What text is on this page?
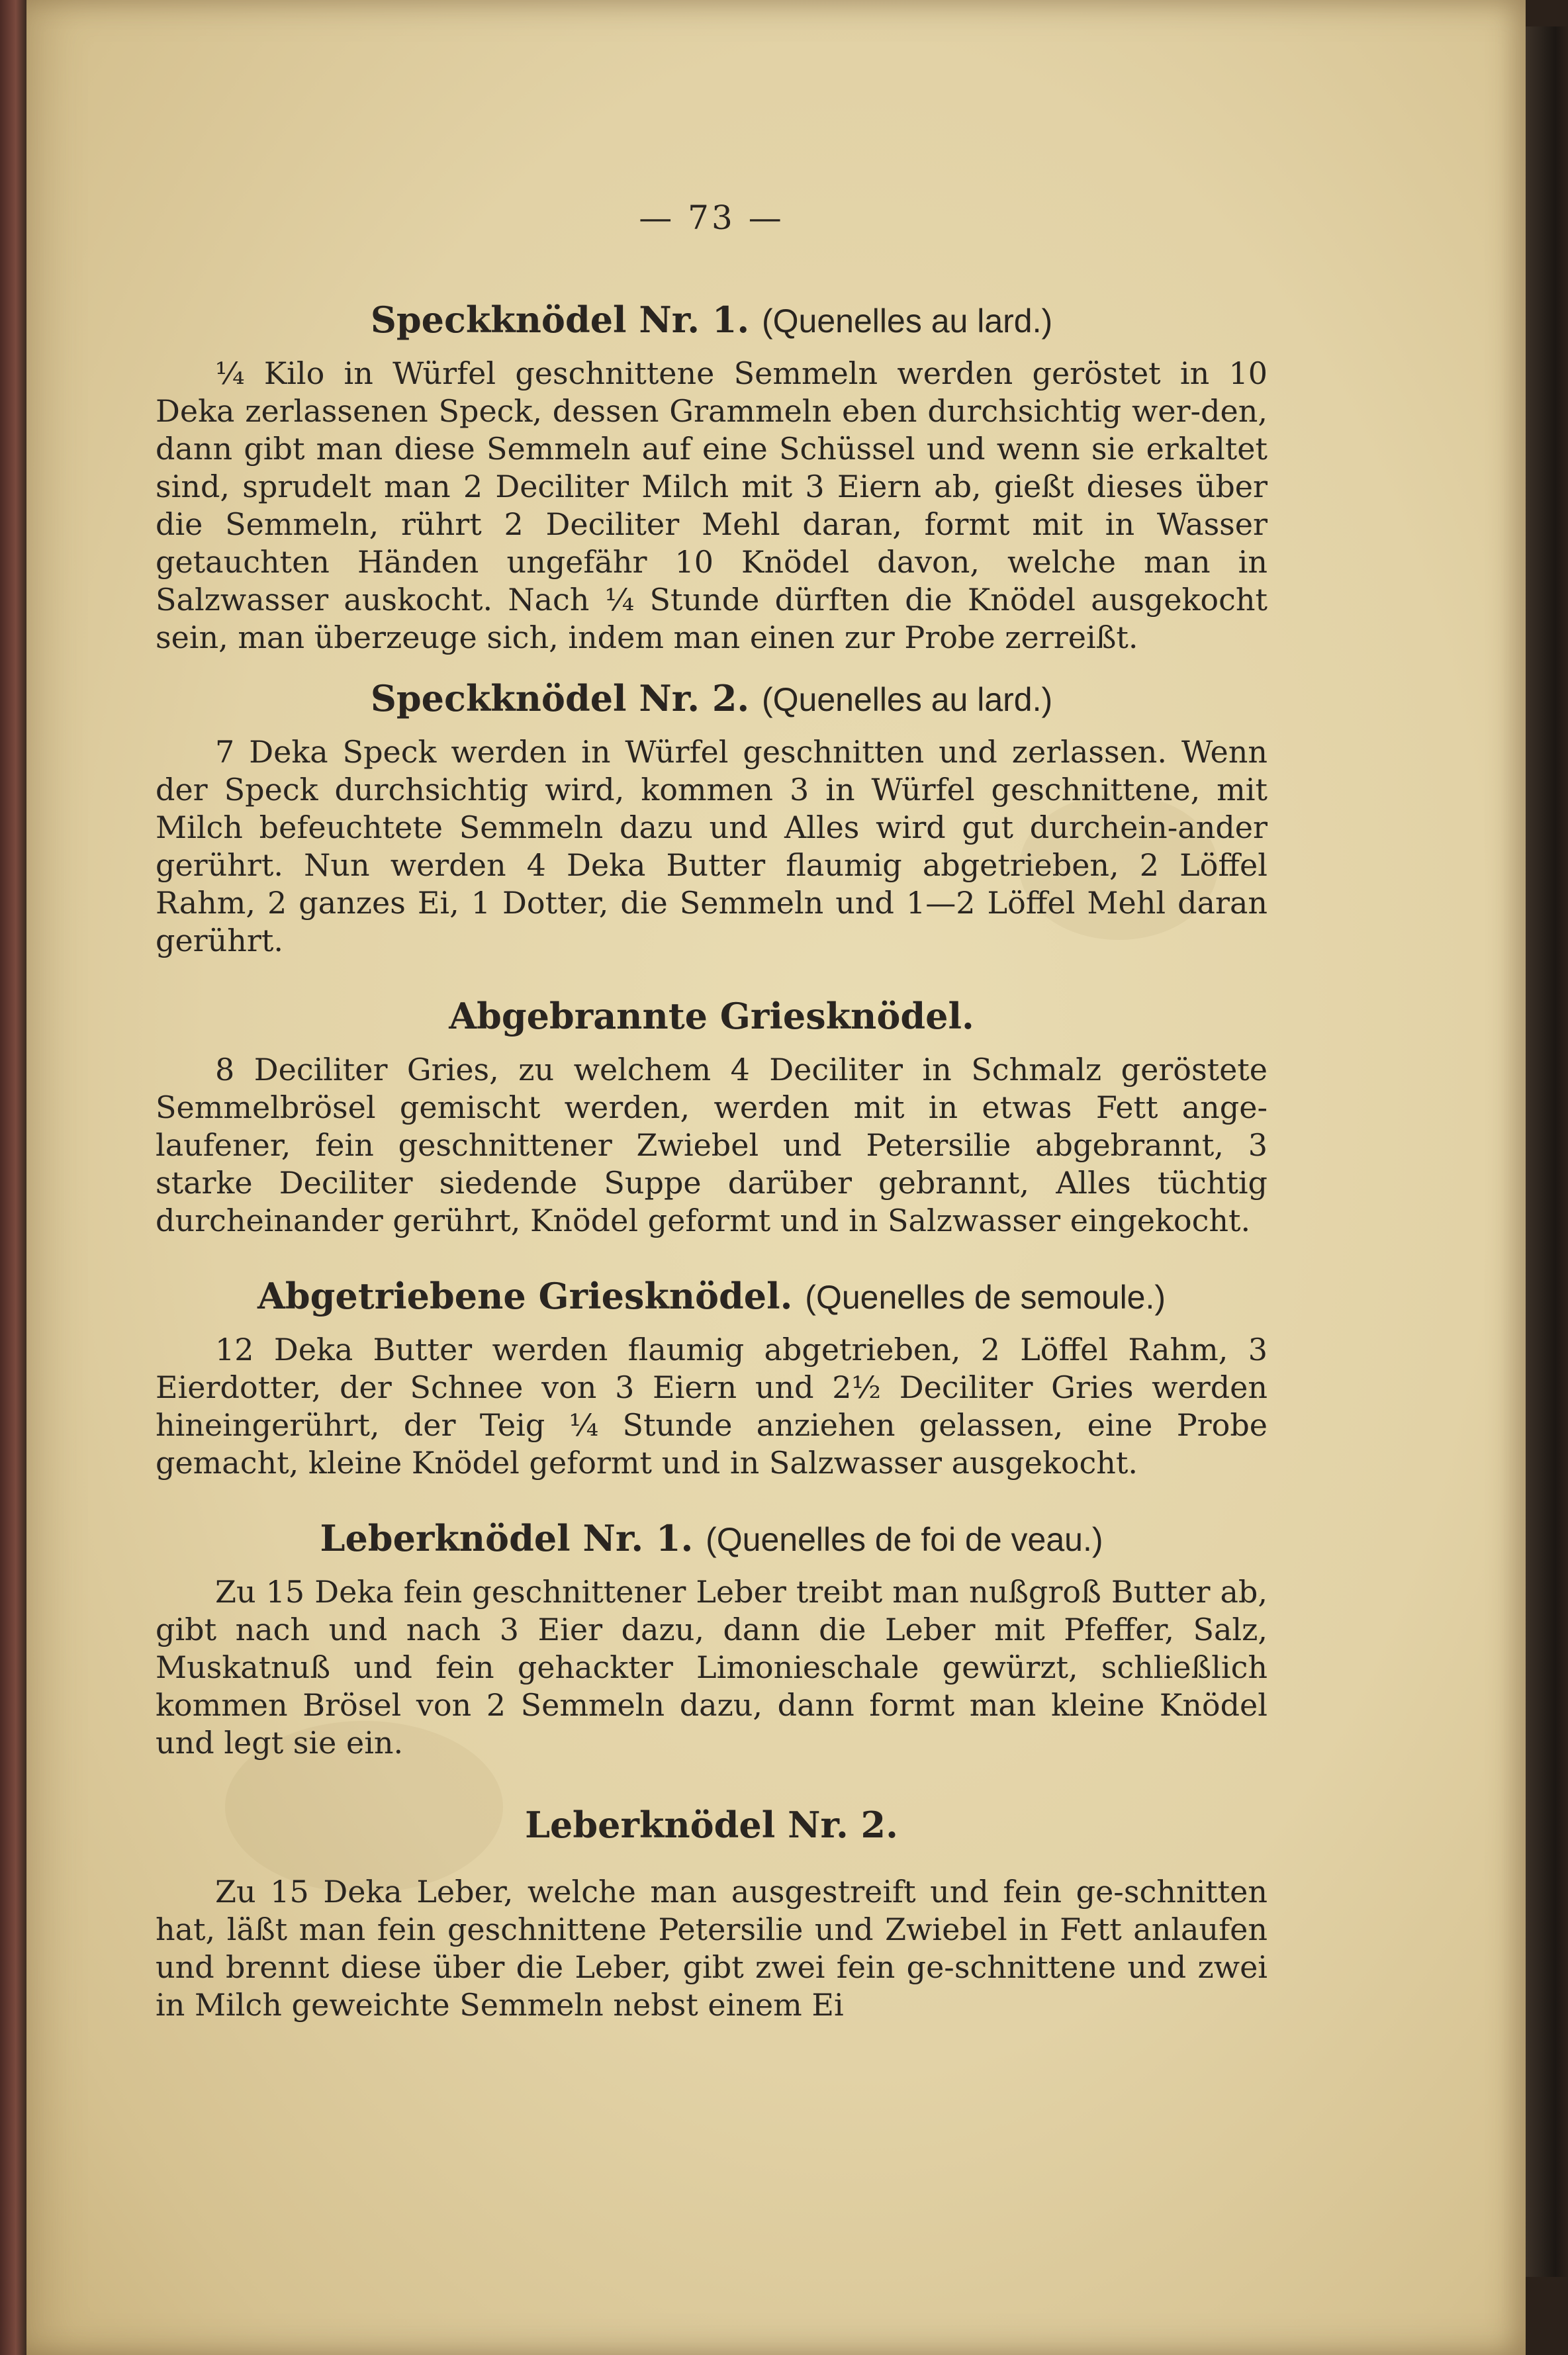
— 73 —
Speckknödel Nr. 1. (Quenelles au lard.)

¼ Kilo in Würfel geschnittene Semmeln werden geröstet in 10 Deka zerlassenen Speck, dessen Grammeln eben durchsichtig wer-den, dann gibt man diese Semmeln auf eine Schüssel und wenn sie erkaltet sind, sprudelt man 2 Deciliter Milch mit 3 Eiern ab, gießt dieses über die Semmeln, rührt 2 Deciliter Mehl daran, formt mit in Wasser getauchten Händen ungefähr 10 Knödel davon, welche man in Salzwasser auskocht. Nach ¼ Stunde dürften die Knödel ausgekocht sein, man überzeuge sich, indem man einen zur Probe zerreißt.

Speckknödel Nr. 2. (Quenelles au lard.)

7 Deka Speck werden in Würfel geschnitten und zerlassen. Wenn der Speck durchsichtig wird, kommen 3 in Würfel geschnittene, mit Milch befeuchtete Semmeln dazu und Alles wird gut durchein-ander gerührt. Nun werden 4 Deka Butter flaumig abgetrieben, 2 Löffel Rahm, 2 ganzes Ei, 1 Dotter, die Semmeln und 1—2 Löffel Mehl daran gerührt.

Abgebrannte Griesknödel.

8 Deciliter Gries, zu welchem 4 Deciliter in Schmalz geröstete Semmelbrösel gemischt werden, werden mit in etwas Fett ange-laufener, fein geschnittener Zwiebel und Petersilie abgebrannt, 3 starke Deciliter siedende Suppe darüber gebrannt, Alles tüchtig durcheinander gerührt, Knödel geformt und in Salzwasser eingekocht.

Abgetriebene Griesknödel. (Quenelles de semoule.)

12 Deka Butter werden flaumig abgetrieben, 2 Löffel Rahm, 3 Eierdotter, der Schnee von 3 Eiern und 2½ Deciliter Gries werden hineingerührt, der Teig ¼ Stunde anziehen gelassen, eine Probe gemacht, kleine Knödel geformt und in Salzwasser ausgekocht.

Leberknödel Nr. 1. (Quenelles de foi de veau.)

Zu 15 Deka fein geschnittener Leber treibt man nußgroß Butter ab, gibt nach und nach 3 Eier dazu, dann die Leber mit Pfeffer, Salz, Muskatnuß und fein gehackter Limonieschale gewürzt, schließlich kommen Brösel von 2 Semmeln dazu, dann formt man kleine Knödel und legt sie ein.

Leberknödel Nr. 2.

Zu 15 Deka Leber, welche man ausgestreift und fein ge-schnitten hat, läßt man fein geschnittene Petersilie und Zwiebel in Fett anlaufen und brennt diese über die Leber, gibt zwei fein ge-schnittene und zwei in Milch geweichte Semmeln nebst einem Ei
